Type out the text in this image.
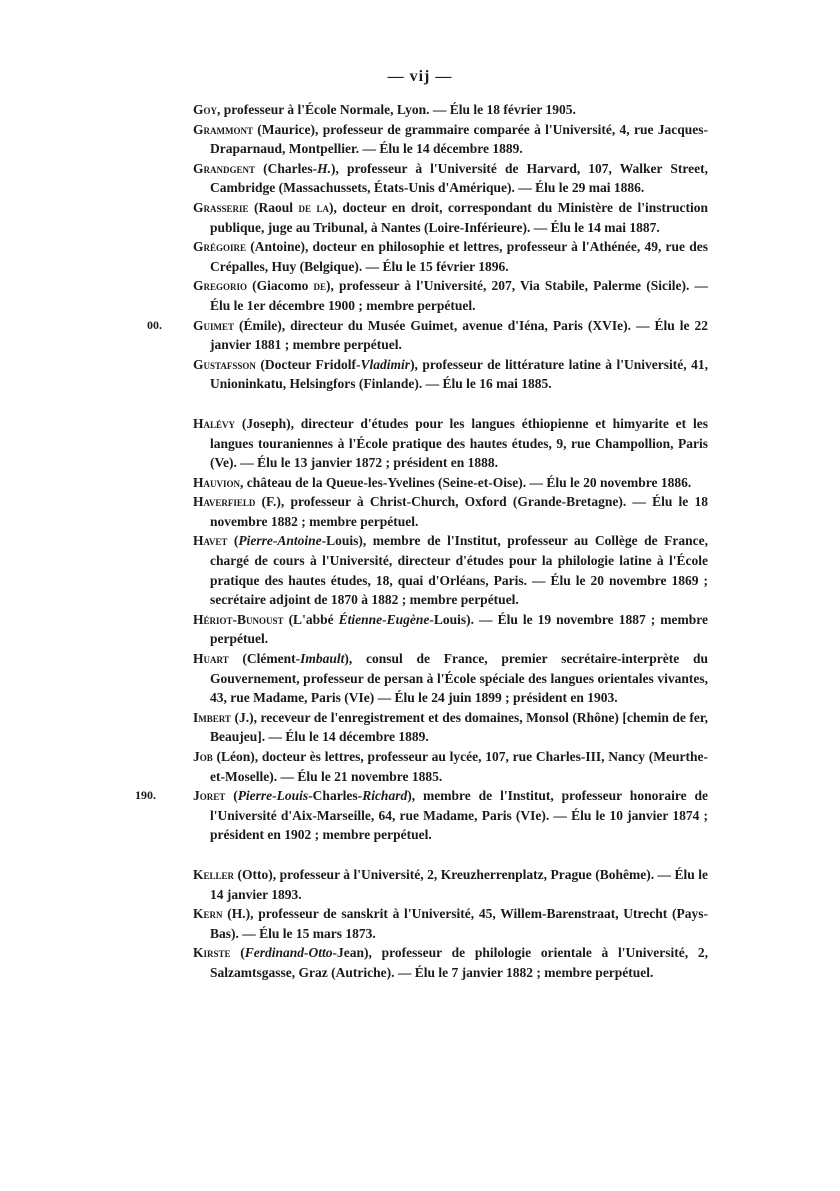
— vij —

Goy, professeur à l'École Normale, Lyon. — Élu le 18 février 1905.

Grammont (Maurice), professeur de grammaire comparée à l'Université, 4, rue Jacques-Draparnaud, Montpellier. — Élu le 14 décembre 1889.

Grandgent (Charles-H.), professeur à l'Université de Harvard, 107, Walker Street, Cambridge (Massachussets, États-Unis d'Amérique). — Élu le 29 mai 1886.

Grasserie (Raoul de la), docteur en droit, correspondant du Ministère de l'instruction publique, juge au Tribunal, à Nantes (Loire-Inférieure). — Élu le 14 mai 1887.

Grégoire (Antoine), docteur en philosophie et lettres, professeur à l'Athénée, 49, rue des Crépalles, Huy (Belgique). — Élu le 15 février 1896.

Gregorio (Giacomo de), professeur à l'Université, 207, Via Stabile, Palerme (Sicile). — Élu le 1er décembre 1900 ; membre perpétuel.

00. Guimet (Émile), directeur du Musée Guimet, avenue d'Iéna, Paris (XVIe). — Élu le 22 janvier 1881 ; membre perpétuel.

Gustafsson (Docteur Fridolf-Vladimir), professeur de littérature latine à l'Université, 41, Unioninkatu, Helsingfors (Finlande). — Élu le 16 mai 1885.

Halévy (Joseph), directeur d'études pour les langues éthiopienne et himyarite et les langues touraniennes à l'École pratique des hautes études, 9, rue Champollion, Paris (Ve). — Élu le 13 janvier 1872 ; président en 1888.

Hauvion, château de la Queue-les-Yvelines (Seine-et-Oise). — Élu le 20 novembre 1886.

Haverfield (F.), professeur à Christ-Church, Oxford (Grande-Bretagne). — Élu le 18 novembre 1882 ; membre perpétuel.

Havet (Pierre-Antoine-Louis), membre de l'Institut, professeur au Collège de France, chargé de cours à l'Université, directeur d'études pour la philologie latine à l'École pratique des hautes études, 18, quai d'Orléans, Paris. — Élu le 20 novembre 1869 ; secrétaire adjoint de 1870 à 1882 ; membre perpétuel.

Hériot-Bunoust (L'abbé Étienne-Eugène-Louis). — Élu le 19 novembre 1887 ; membre perpétuel.

Huart (Clément-Imbault), consul de France, premier secrétaire-interprète du Gouvernement, professeur de persan à l'École spéciale des langues orientales vivantes, 43, rue Madame, Paris (VIe) — Élu le 24 juin 1899 ; président en 1903.

Imbert (J.), receveur de l'enregistrement et des domaines, Monsol (Rhône) [chemin de fer, Beaujeu]. — Élu le 14 décembre 1889.

Job (Léon), docteur ès lettres, professeur au lycée, 107, rue Charles-III, Nancy (Meurthe-et-Moselle). — Élu le 21 novembre 1885.

190.	Joret (Pierre-Louis-Charles-Richard), membre de l'Institut, professeur honoraire de l'Université d'Aix-Marseille, 64, rue Madame, Paris (VIe). — Élu le 10 janvier 1874 ; président en 1902 ; membre perpétuel.

Keller (Otto), professeur à l'Université, 2, Kreuzherrenplatz, Prague (Bohême). — Élu le 14 janvier 1893.

Kern (H.), professeur de sanskrit à l'Université, 45, Willem-Barenstraat, Utrecht (Pays-Bas). — Élu le 15 mars 1873.

Kirste (Ferdinand-Otto-Jean), professeur de philologie orientale à l'Université, 2, Salzamtsgasse, Graz (Autriche). — Élu le 7 janvier 1882 ; membre perpétuel.
